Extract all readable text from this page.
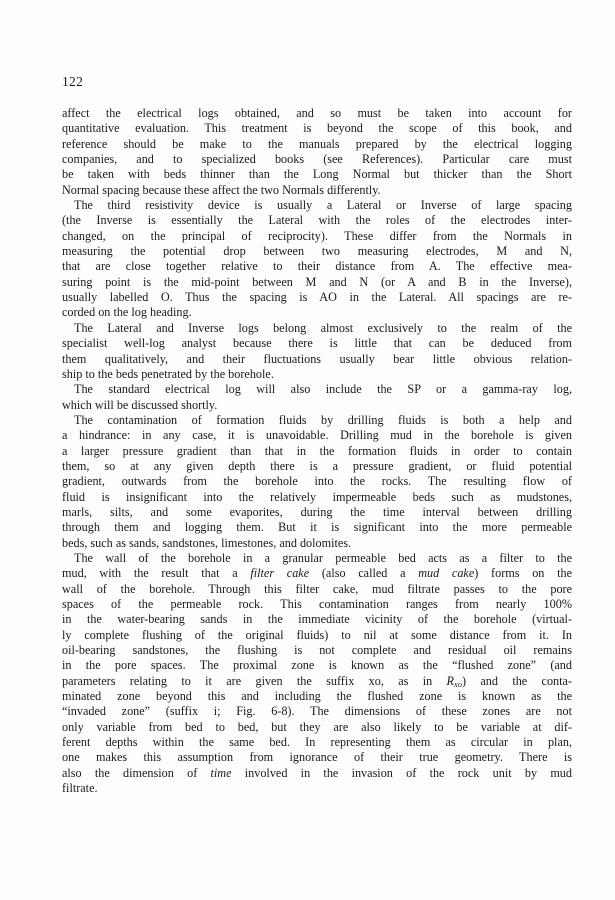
122

affect the electrical logs obtained, and so must be taken into account for
quantitative evaluation. This treatment is beyond the scope of this book, and
reference should be make to the manuals prepared by the electrical logging
companies, and to specialized books (see References). Particular care must
be taken with beds thinner than the Long Normal but thicker than the Short
Normal spacing because these affect the two Normals differently.

The third resistivity device is usually a Lateral or Inverse of large spacing
(the Inverse is essentially the Lateral with the roles of the electrodes inter-
changed, on the principal of reciprocity). These differ from the Normals in
measuring the potential drop between two measuring electrodes, M and N,
that are close together relative to their distance from A. The effective mea-
suring point is the mid-point between M and N (or A and B in the Inverse),
usually labelled O. Thus the spacing is AO in the Lateral. All spacings are re-
corded on the log heading.

The Lateral and Inverse logs belong almost exclusively to the realm of the
specialist well-log analyst because there is little that can be deduced from
them qualitatively, and their fluctuations usually bear little obvious relation-
ship to the beds penetrated by the borehole.

The standard electrical log will also include the SP or a gamma-ray log,
which will be discussed shortly.

The contamination of formation fluids by drilling fluids is both a help and
a hindrance: in any case, it is unavoidable. Drilling mud in the borehole is given
a larger pressure gradient than that in the formation fluids in order to contain
them, so at any given depth there is a pressure gradient, or fluid potential
gradient, outwards from the borehole into the rocks. The resulting flow of
fluid is insignificant into the relatively impermeable beds such as mudstones,
marls, silts, and some evaporites, during the time interval between drilling
through them and logging them. But it is significant into the more permeable
beds, such as sands, sandstones, limestones, and dolomites.

The wall of the borehole in a granular permeable bed acts as a filter to the
mud, with the result that a filter cake (also called a mud cake) forms on the
wall of the borehole. Through this filter cake, mud filtrate passes to the pore
spaces of the permeable rock. This contamination ranges from nearly 100%
in the water-bearing sands in the immediate vicinity of the borehole (virtual-
ly complete flushing of the original fluids) to nil at some distance from it. In
oil-bearing sandstones, the flushing is not complete and residual oil remains
in the pore spaces. The proximal zone is known as the “flushed zone” (and
parameters relating to it are given the suffix xo, as in $R_{xo}$) and the conta-
minated zone beyond this and including the flushed zone is known as the
“invaded zone” (suffix i; Fig. 6-8). The dimensions of these zones are not
only variable from bed to bed, but they are also likely to be variable at dif-
ferent depths within the same bed. In representing them as circular in plan,
one makes this assumption from ignorance of their true geometry. There is
also the dimension of time involved in the invasion of the rock unit by mud
filtrate.
